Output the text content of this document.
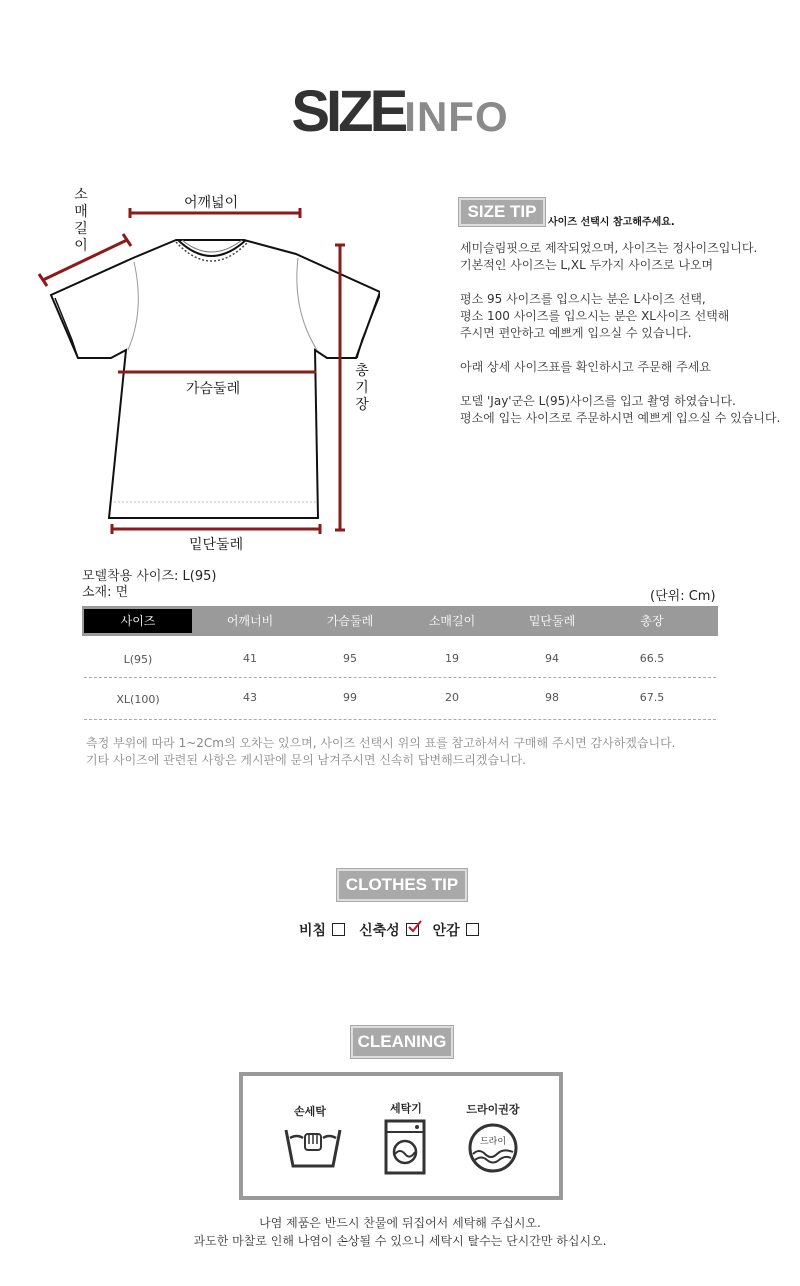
SIZEINFO
소
매
길
이
어깨넓이
가슴둘레
총
기
장
밑단둘레
SIZE TIP
사이즈 선택시 참고해주세요.

세미슬림핏으로 제작되었으며, 사이즈는 정사이즈입니다.

기본적인 사이즈는 L,XL 두가지 사이즈로 나오며

평소 95 사이즈를 입으시는 분은 L사이즈 선택,

평소 100 사이즈를 입으시는 분은 XL사이즈 선택해

주시면 편안하고 예쁘게 입으실 수 있습니다.

아래 상세 사이즈표를 확인하시고 주문해 주세요

모델 'Jay'군은 L(95)사이즈를 입고 촬영 하였습니다.

평소에 입는 사이즈로 주문하시면 예쁘게 입으실 수 있습니다.

모델착용 사이즈: L(95)
소재: 면	(단위: Cm)
사이즈	어깨너비	가슴둘레	소매길이	밑단둘레	총장
L(95)	41	95	19	94	66.5
XL(100)	43	99	20	98	67.5

측정 부위에 따라 1~2Cm의 오차는 있으며, 사이즈 선택시 위의 표를 참고하셔서 구매해 주시면 감사하겠습니다.

기타 사이즈에 관련된 사항은 게시판에 문의 남겨주시면 신속히 답변해드리겠습니다.

CLOTHES TIP
비침 신축성 안감
CLEANING
손세탁	세탁기	드라이권장
드라이

나염 제품은 반드시 찬물에 뒤집어서 세탁해 주십시오.

과도한 마찰로 인해 나염이 손상될 수 있으니 세탁시 탈수는 단시간만 하십시오.
